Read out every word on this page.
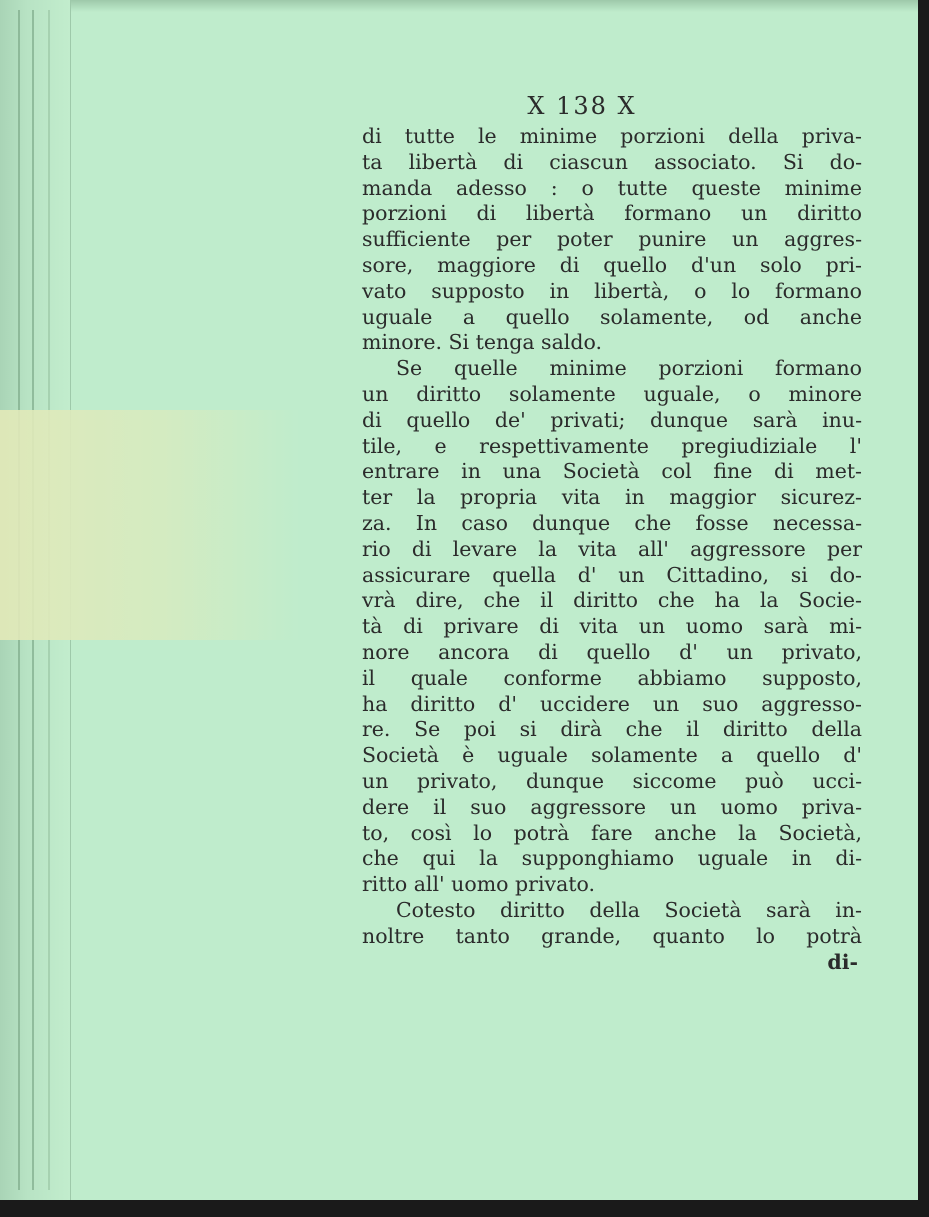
X 138 X
di tutte le minime porzioni della priva-
ta libertà di ciascun associato. Si do-
manda adesso : o tutte queste minime
porzioni di libertà formano un diritto
sufficiente per poter punire un aggres-
sore, maggiore di quello d'un solo pri-
vato supposto in libertà, o lo formano
uguale a quello solamente, od anche
minore. Si tenga saldo.
Se quelle minime porzioni formano
un diritto solamente uguale, o minore
di quello de' privati; dunque sarà inu-
tile, e respettivamente pregiudiziale l'
entrare in una Società col fine di met-
ter la propria vita in maggior sicurez-
za. In caso dunque che fosse necessa-
rio di levare la vita all' aggressore per
assicurare quella d' un Cittadino, si do-
vrà dire, che il diritto che ha la Socie-
tà di privare di vita un uomo sarà mi-
nore ancora di quello d' un privato,
il quale conforme abbiamo supposto,
ha diritto d' uccidere un suo aggresso-
re. Se poi si dirà che il diritto della
Società è uguale solamente a quello d'
un privato, dunque siccome può ucci-
dere il suo aggressore un uomo priva-
to, così lo potrà fare anche la Società,
che qui la supponghiamo uguale in di-
ritto all' uomo privato.
Cotesto diritto della Società sarà in-
noltre tanto grande, quanto lo potrà
di-
